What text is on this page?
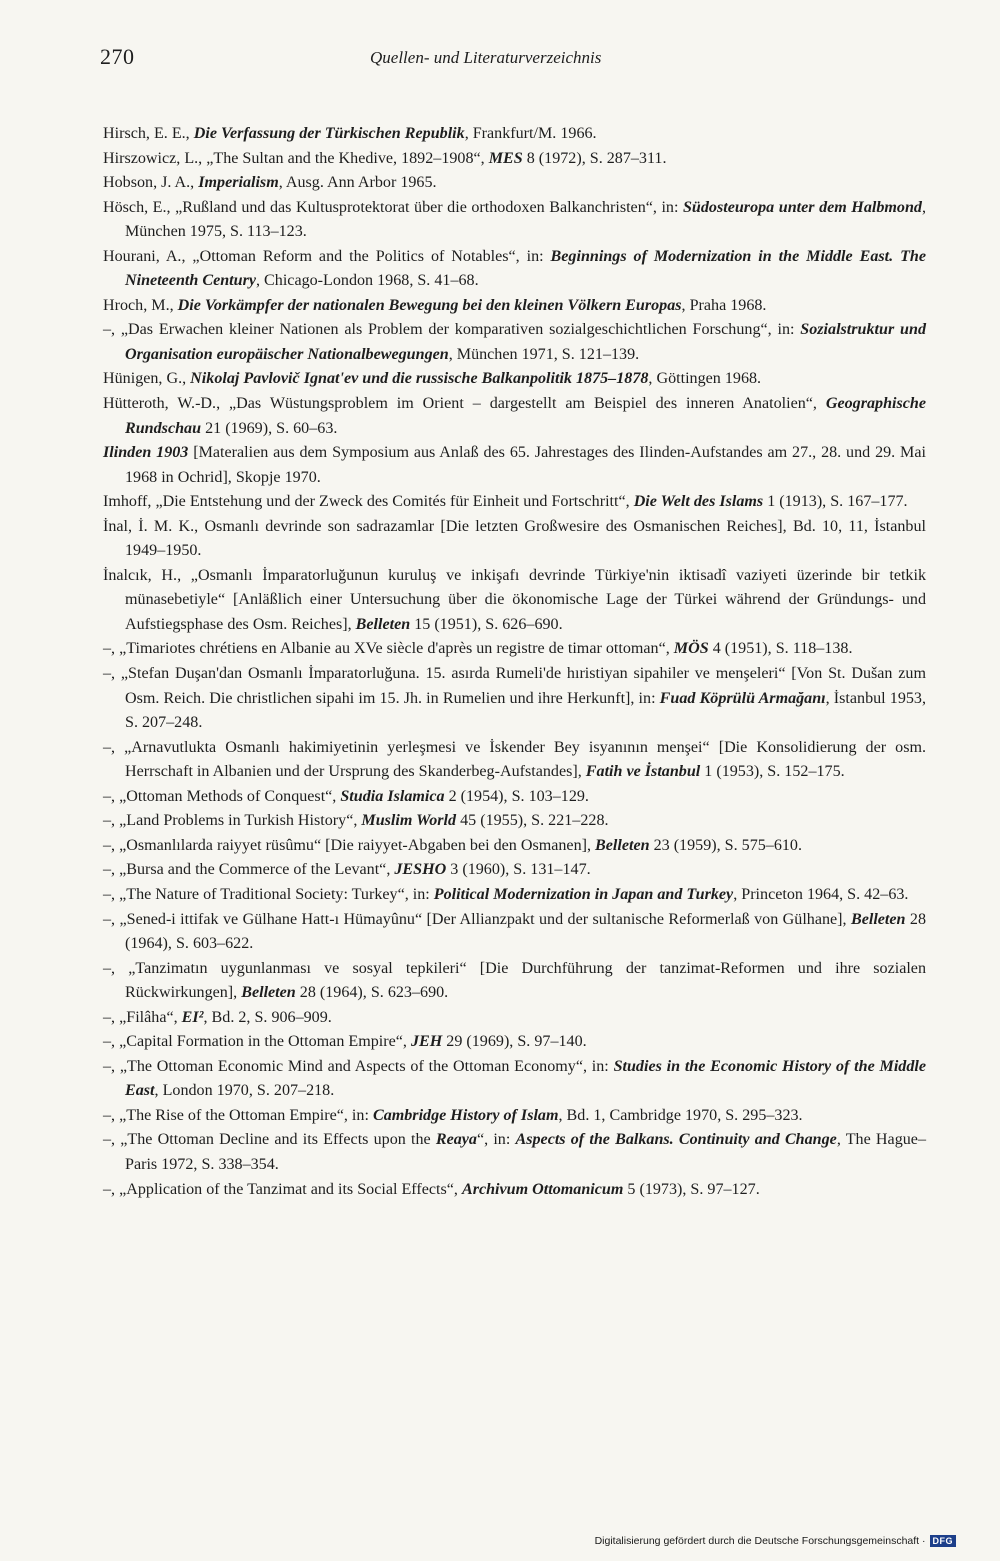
270	Quellen- und Literaturverzeichnis

Hirsch, E. E., Die Verfassung der Türkischen Republik, Frankfurt/M. 1966.

Hirszowicz, L., „The Sultan and the Khedive, 1892–1908“, MES 8 (1972), S. 287–311.

Hobson, J. A., Imperialism, Ausg. Ann Arbor 1965.

Hösch, E., „Rußland und das Kultusprotektorat über die orthodoxen Balkanchristen“, in: Südosteuropa unter dem Halbmond, München 1975, S. 113–123.

Hourani, A., „Ottoman Reform and the Politics of Notables“, in: Beginnings of Modernization in the Middle East. The Nineteenth Century, Chicago-London 1968, S. 41–68.

Hroch, M., Die Vorkämpfer der nationalen Bewegung bei den kleinen Völkern Europas, Praha 1968.

–, „Das Erwachen kleiner Nationen als Problem der komparativen sozialgeschichtlichen Forschung“, in: Sozialstruktur und Organisation europäischer Nationalbewegungen, München 1971, S. 121–139.

Hünigen, G., Nikolaj Pavlovič Ignat'ev und die russische Balkanpolitik 1875–1878, Göttingen 1968.

Hütteroth, W.-D., „Das Wüstungsproblem im Orient – dargestellt am Beispiel des inneren Anatolien“, Geographische Rundschau 21 (1969), S. 60–63.

Ilinden 1903 [Materalien aus dem Symposium aus Anlaß des 65. Jahrestages des Ilinden-Aufstandes am 27., 28. und 29. Mai 1968 in Ochrid], Skopje 1970.

Imhoff, „Die Entstehung und der Zweck des Comités für Einheit und Fortschritt“, Die Welt des Islams 1 (1913), S. 167–177.

İnal, İ. M. K., Osmanlı devrinde son sadrazamlar [Die letzten Großwesire des Osmanischen Reiches], Bd. 10, 11, İstanbul 1949–1950.

İnalcık, H., „Osmanlı İmparatorluğunun kuruluş ve inkişafı devrinde Türkiye'nin iktisadî vaziyeti üzerinde bir tetkik münasebetiyle“ [Anläßlich einer Untersuchung über die ökonomische Lage der Türkei während der Gründungs- und Aufstiegsphase des Osm. Reiches], Belleten 15 (1951), S. 626–690.

–, „Timariotes chrétiens en Albanie au XVe siècle d'après un registre de timar ottoman“, MÖS 4 (1951), S. 118–138.

–, „Stefan Duşan'dan Osmanlı İmparatorluğuna. 15. asırda Rumeli'de hıristiyan sipahiler ve menşeleri“ [Von St. Dušan zum Osm. Reich. Die christlichen sipahi im 15. Jh. in Rumelien und ihre Herkunft], in: Fuad Köprülü Armağanı, İstanbul 1953, S. 207–248.

–, „Arnavutlukta Osmanlı hakimiyetinin yerleşmesi ve İskender Bey isyanının menşei“ [Die Konsolidierung der osm. Herrschaft in Albanien und der Ursprung des Skanderbeg-Aufstandes], Fatih ve İstanbul 1 (1953), S. 152–175.

–, „Ottoman Methods of Conquest“, Studia Islamica 2 (1954), S. 103–129.

–, „Land Problems in Turkish History“, Muslim World 45 (1955), S. 221–228.

–, „Osmanlılarda raiyyet rüsûmu“ [Die raiyyet-Abgaben bei den Osmanen], Belleten 23 (1959), S. 575–610.

–, „Bursa and the Commerce of the Levant“, JESHO 3 (1960), S. 131–147.

–, „The Nature of Traditional Society: Turkey“, in: Political Modernization in Japan and Turkey, Princeton 1964, S. 42–63.

–, „Sened-i ittifak ve Gülhane Hatt-ı Hümayûnu“ [Der Allianzpakt und der sultanische Reformerlaß von Gülhane], Belleten 28 (1964), S. 603–622.

–, „Tanzimatın uygunlanması ve sosyal tepkileri“ [Die Durchführung der tanzimat-Reformen und ihre sozialen Rückwirkungen], Belleten 28 (1964), S. 623–690.

–, „Filâha“, EI², Bd. 2, S. 906–909.

–, „Capital Formation in the Ottoman Empire“, JEH 29 (1969), S. 97–140.

–, „The Ottoman Economic Mind and Aspects of the Ottoman Economy“, in: Studies in the Economic History of the Middle East, London 1970, S. 207–218.

–, „The Rise of the Ottoman Empire“, in: Cambridge History of Islam, Bd. 1, Cambridge 1970, S. 295–323.

–, „The Ottoman Decline and its Effects upon the Reaya“, in: Aspects of the Balkans. Continuity and Change, The Hague–Paris 1972, S. 338–354.

–, „Application of the Tanzimat and its Social Effects“, Archivum Ottomanicum 5 (1973), S. 97–127.

Digitalisierung gefördert durch die Deutsche Forschungsgemeinschaft · DFG
